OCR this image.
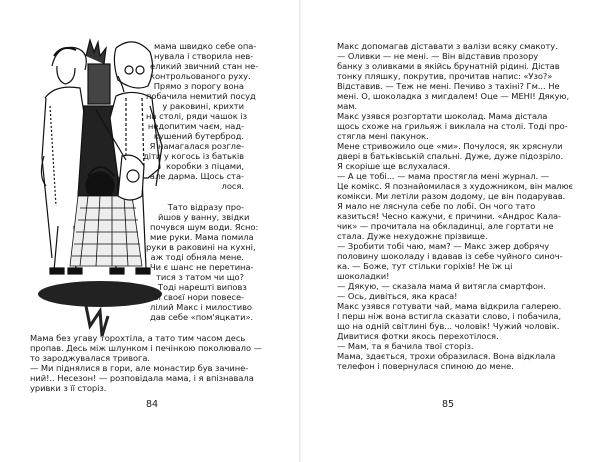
мама швидко себе опа-
нувала і створила нев-
еликий звичний стан не-
контрольованого руху.
Прямо з порогу вона
побачила немитий посуд
у раковині, крихти
на столі, ряди чашок із
недопитим чаєм, над-
кушений бутерброд.
Я намагалася розгле-
діти у когось із батьків
коробки з піцами,
але дарма. Щось ста-
лося.
Тато відразу про-
йшов у ванну, звідки
почувся шум води. Ясно:
мие руки. Мама помила
руки в раковині на кухні,
аж тоді обняла мене.
Чи є шанс не перетина-
тися з татом чи що?
Тоді нарешті виповз
зі своєї нори повесе-
лілий Макс і милостиво
дав себе «пом'яцкати».
Мама без угаву торохтіла, а тато тим часом десь
пропав. Десь між шлунком і печінкою поколювало —
то зароджувалася тривога.
— Ми піднялися в гори, але монастир був зачине-
ний!.. Несезон! — розповідала мама, і я впізнавала
уривки з її сторіз.
84
Макс допомагав діставати з валізи всяку смакоту.
— Оливки — не мені. — Він відставив прозору
банку з оливками в якійсь брунатній рідині. Дістав
тонку пляшку, покрутив, прочитав напис: «Узо?»
Відставив. — Теж не мені. Печиво з тахіні? Гм... Не
мені. О, шоколадка з мигдалем! Оце — МЕНІ! Дякую,
мам.
Макс узявся розгортати шоколад. Мама дістала
щось схоже на грильяж і виклала на столі. Тоді про-
стягла мені пакунок.
Мене стривожило оце «ми». Почулося, як хряснули
двері в батьківській спальні. Дуже, дуже підозріло.
Я скоріше ще вслухалася.
— А це тобі... — мама простягла мені журнал. —
Це комікс. Я познайомилася з художником, він малює
комікси. Ми летіли разом додому, це він подарував.
Я мало не ляснула себе по лобі. Он чого тато
казиться! Чесно кажучи, є причини. «Андрос Кала-
чик» — прочитала на обкладинці, але гортати не
стала. Дуже нехудожнє прізвище.
— Зробити тобі чаю, мам? — Макс зжер добрячу
половину шоколаду і вдавав із себе чуйного синоч-
ка. — Боже, тут стільки горіхів! Не їж ці
шоколадки!
— Дякую, — сказала мама й витягла смартфон.
— Ось, дивіться, яка краса!
Макс узявся готувати чай, мама відкрила галерею.
І перш ніж вона встигла сказати слово, і побачила,
що на одній світлині був... чоловік! Чужий чоловік.
Дивитися фотки якось перехотілося.
— Мам, та я бачила твої сторіз.
Мама, здається, трохи образилася. Вона відклала
телефон і повернулася спиною до мене.
85
